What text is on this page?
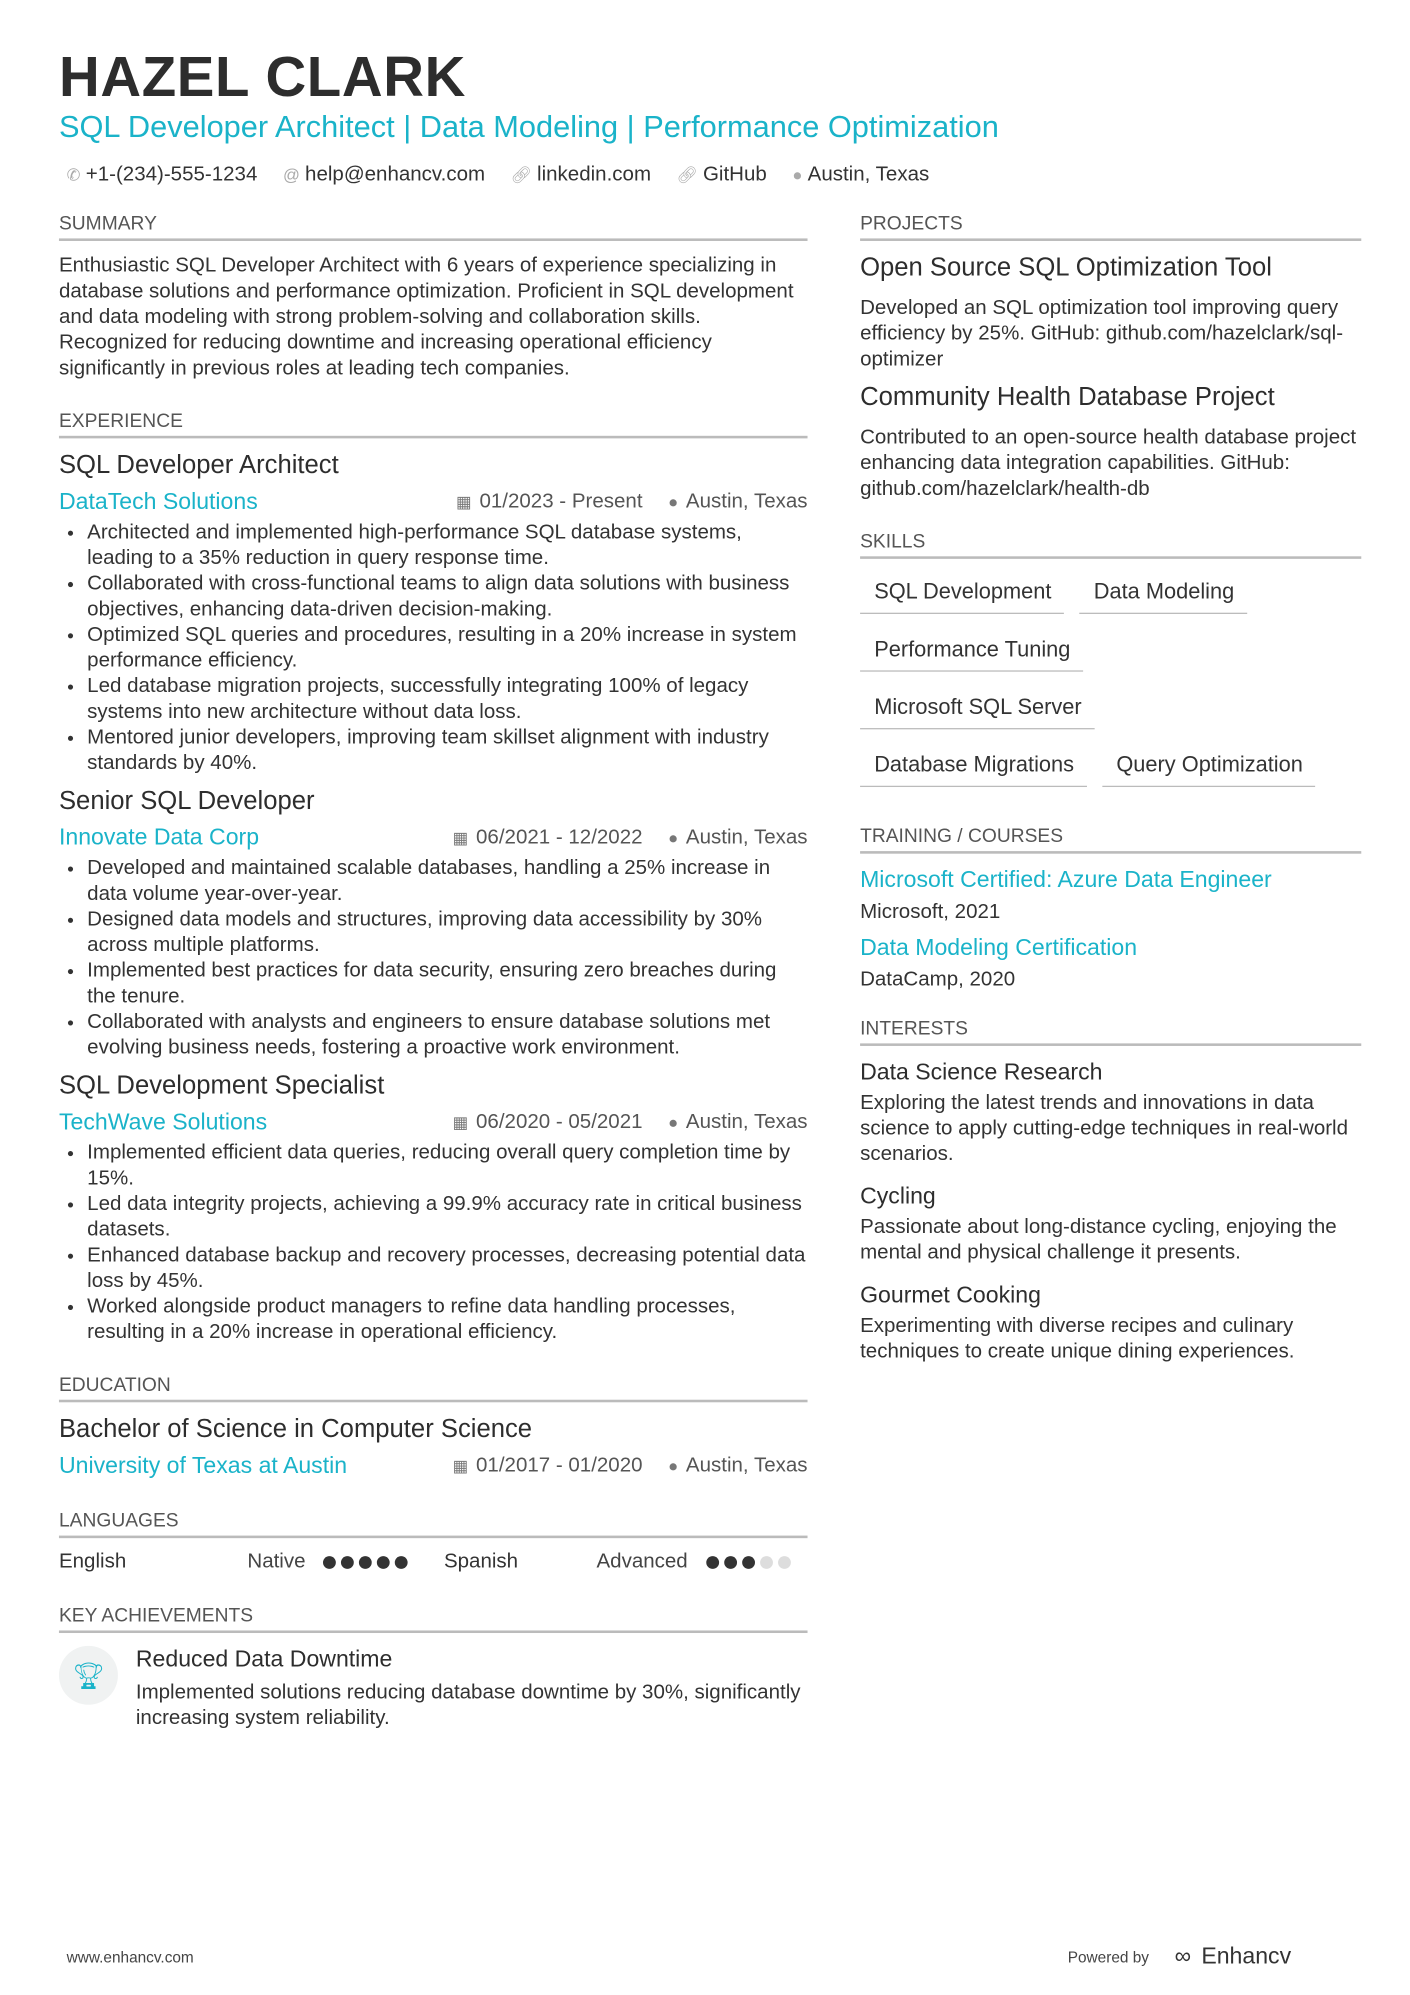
HAZEL CLARK
SQL Developer Architect | Data Modeling | Performance Optimization
✆ +1-(234)-555-1234 @ help@enhancv.com 🔗︎ linkedin.com 🔗︎ GitHub ● Austin, Texas
SUMMARY

Enthusiastic SQL Developer Architect with 6 years of experience specializing in database solutions and performance optimization. Proficient in SQL development and data modeling with strong problem-solving and collaboration skills. Recognized for reducing downtime and increasing operational efficiency significantly in previous roles at leading tech companies.

EXPERIENCE
SQL Developer Architect
DataTech Solutions	▦ 01/2023 - Present ● Austin, Texas
• Architected and implemented high-performance SQL database systems, leading to a 35% reduction in query response time.
• Collaborated with cross-functional teams to align data solutions with business objectives, enhancing data-driven decision-making.
• Optimized SQL queries and procedures, resulting in a 20% increase in system performance efficiency.
• Led database migration projects, successfully integrating 100% of legacy systems into new architecture without data loss.
• Mentored junior developers, improving team skillset alignment with industry standards by 40%.
Senior SQL Developer
Innovate Data Corp	▦ 06/2021 - 12/2022 ● Austin, Texas
• Developed and maintained scalable databases, handling a 25% increase in data volume year-over-year.
• Designed data models and structures, improving data accessibility by 30% across multiple platforms.
• Implemented best practices for data security, ensuring zero breaches during the tenure.
• Collaborated with analysts and engineers to ensure database solutions met evolving business needs, fostering a proactive work environment.
SQL Development Specialist
TechWave Solutions	▦ 06/2020 - 05/2021 ● Austin, Texas
• Implemented efficient data queries, reducing overall query completion time by 15%.
• Led data integrity projects, achieving a 99.9% accuracy rate in critical business datasets.
• Enhanced database backup and recovery processes, decreasing potential data loss by 45%.
• Worked alongside product managers to refine data handling processes, resulting in a 20% increase in operational efficiency.
EDUCATION
Bachelor of Science in Computer Science
University of Texas at Austin	▦ 01/2017 - 01/2020 ● Austin, Texas
LANGUAGES
English	Native	Spanish	Advanced
KEY ACHIEVEMENTS
🏆︎
Reduced Data Downtime

Implemented solutions reducing database downtime by 30%, significantly increasing system reliability.

PROJECTS
Open Source SQL Optimization Tool

Developed an SQL optimization tool improving query efficiency by 25%. GitHub: github.com/hazelclark/sql-optimizer

Community Health Database Project

Contributed to an open-source health database project enhancing data integration capabilities. GitHub: github.com/hazelclark/health-db

SKILLS
SQL Development	Data Modeling
Performance Tuning
Microsoft SQL Server
Database Migrations	Query Optimization
TRAINING / COURSES
Microsoft Certified: Azure Data Engineer
Microsoft, 2021
Data Modeling Certification
DataCamp, 2020
INTERESTS
Data Science Research

Exploring the latest trends and innovations in data science to apply cutting-edge techniques in real-world scenarios.

Cycling

Passionate about long-distance cycling, enjoying the mental and physical challenge it presents.

Gourmet Cooking

Experimenting with diverse recipes and culinary techniques to create unique dining experiences.

www.enhancv.com	Powered by ∞ Enhancv
